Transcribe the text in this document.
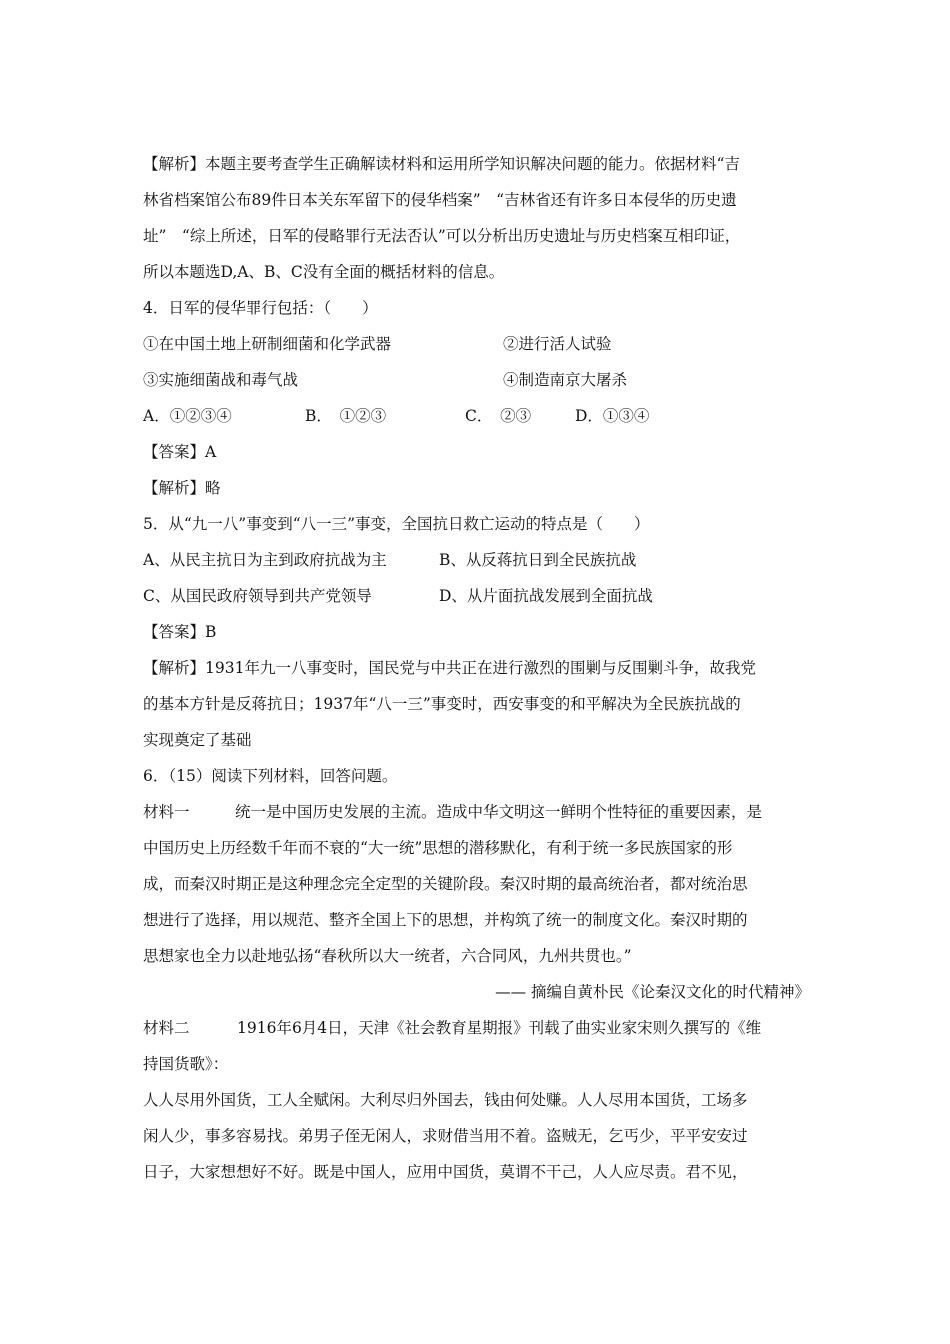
【解析】本题主要考查学生正确解读材料和运用所学知识解决问题的能力。依据材料“吉
林省档案馆公布89件日本关东军留下的侵华档案”　“吉林省还有许多日本侵华的历史遗
址”　“综上所述，日军的侵略罪行无法否认”可以分析出历史遗址与历史档案互相印证，
所以本题选D,A、B、C没有全面的概括材料的信息。
4．日军的侵华罪行包括：（　　）
①在中国土地上研制细菌和化学武器	②进行活人试验
③实施细菌战和毒气战	④制造南京大屠杀
A．①②③④	B．　①②③	C．　②③	D．①③④
【答案】A
【解析】略
5．从“九一八”事变到“八一三”事变，全国抗日救亡运动的特点是（　　）
A、从民主抗日为主到政府抗战为主	B、从反蒋抗日到全民族抗战
C、从国民政府领导到共产党领导	D、从片面抗战发展到全面抗战
【答案】B
【解析】1931年九一八事变时，国民党与中共正在进行激烈的围剿与反围剿斗争，故我党
的基本方针是反蒋抗日；1937年“八一三”事变时，西安事变的和平解决为全民族抗战的
实现奠定了基础
6．（15）阅读下列材料，回答问题。
材料一	统一是中国历史发展的主流。造成中华文明这一鲜明个性特征的重要因素，是
中国历史上历经数千年而不衰的“大一统”思想的潜移默化，有利于统一多民族国家的形
成，而秦汉时期正是这种理念完全定型的关键阶段。秦汉时期的最高统治者，都对统治思
想进行了选择，用以规范、整齐全国上下的思想，并构筑了统一的制度文化。秦汉时期的
思想家也全力以赴地弘扬“春秋所以大一统者，六合同风，九州共贯也。”
—— 摘编自黄朴民《论秦汉文化的时代精神》
材料二	1916年6月4日，天津《社会教育星期报》刊载了曲实业家宋则久撰写的《维
持国货歌》：
人人尽用外国货，工人全赋闲。大利尽归外国去，钱由何处赚。人人尽用本国货，工场多
闲人少，事多容易找。弟男子侄无闲人，求财借当用不着。盗贼无，乞丐少，平平安安过
日子，大家想想好不好。既是中国人，应用中国货，莫谓不干己，人人应尽责。君不见，
